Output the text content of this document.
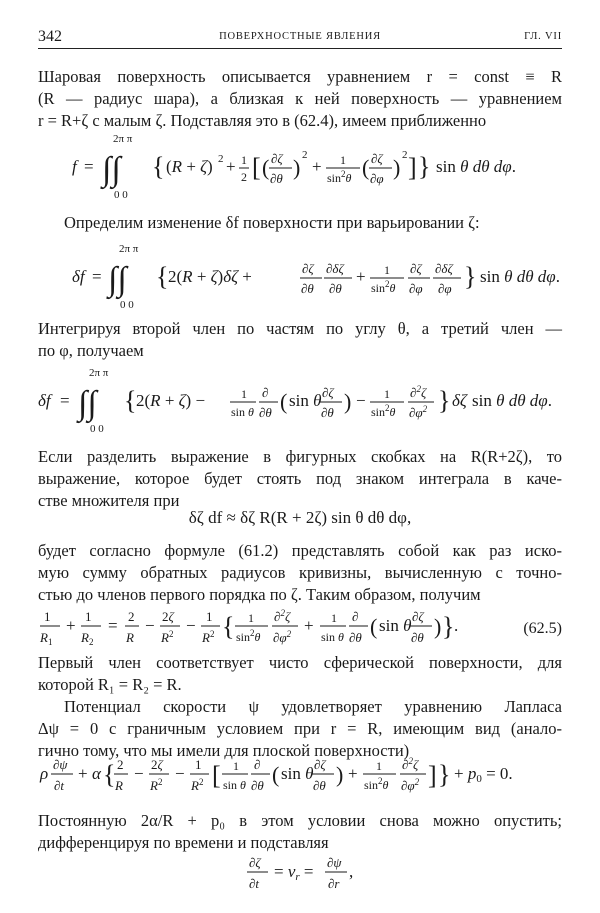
342	ПОВЕРХНОСТНЫЕ ЯВЛЕНИЯ	ГЛ. VII
Шаровая поверхность описывается уравнением r = const ≡ R
(R — радиус шара), а близкая к ней поверхность — уравнением
r = R+ζ с малым ζ. Подставляя это в (62.4), имеем приближенно
f = ∫∫
2π π
0 0
{ (R + ζ) 2 + 1
2 [ ( ∂ζ
∂θ ) 2
+ 1
$\sin^2\theta$ ( ∂ζ
∂φ ) 2 ] } sin θ dθ dφ.
Определим изменение δf поверхности при варьировании ζ:
δf = ∫∫
2π π
0 0
{ 2(R + ζ)δζ +	∂ζ
∂θ
∂δζ
∂θ
+ 1
$\sin^2\theta$
∂ζ
∂φ
∂δζ
∂φ } sin θ dθ dφ.
Интегрируя второй член по частям по углу θ, а третий член —
по φ, получаем
δf = ∫∫
2π π
0 0
{ 2(R + ζ) −	1
sin θ
∂
∂θ ( sin θ ∂ζ
∂θ ) − 1
$\sin^2\theta$
∂$^2$ζ
$\partial\varphi^2$ } δζ sin θ dθ dφ.
Если разделить выражение в фигурных скобках на R(R+2ζ), то
выражение, которое будет стоять под знаком интеграла в каче-
стве множителя при
δζ df ≈ δζ R(R + 2ζ) sin θ dθ dφ,
будет согласно формуле (61.2) представлять собой как раз иско-
мую сумму обратных радиусов кривизны, вычисленную с точно-
стью до членов первого порядка по ζ. Таким образом, получим
1
$R_1$
+ 1
$R_2$
= 2
R
− 2ζ
$R^2 - 1$
$R^2$ { 1
$\sin^2\theta$
∂$^2$ζ
$\partial\varphi^2 + 1$
sin θ
∂
∂θ ( sin θ ∂ζ
∂θ ) } .	(62.5)
Первый член соответствует чисто сферической поверхности, для
которой R₁ = R₂ = R.
Потенциал скорости ψ удовлетворяет уравнению Лапласа
Δψ = 0 с граничным условием при r = R, имеющим вид (анало-
гично тому, что мы имели для плоской поверхности)
ρ ∂ψ
∂t
+ α { 2
R
− 2ζ
$R^2 - 1$
$R^2$ [ 1
sin θ
∂
∂θ ( sin θ ∂ζ
∂θ ) + 1
$\sin^2\theta$
∂$^2$ζ
$\partial\varphi^2$ ] } + p0 = 0.
Постоянную 2α/R + p₀ в этом условии снова можно опустить;
дифференцируя по времени и подставляя
∂ζ
∂t
= vr = ∂ψ
∂r
,
